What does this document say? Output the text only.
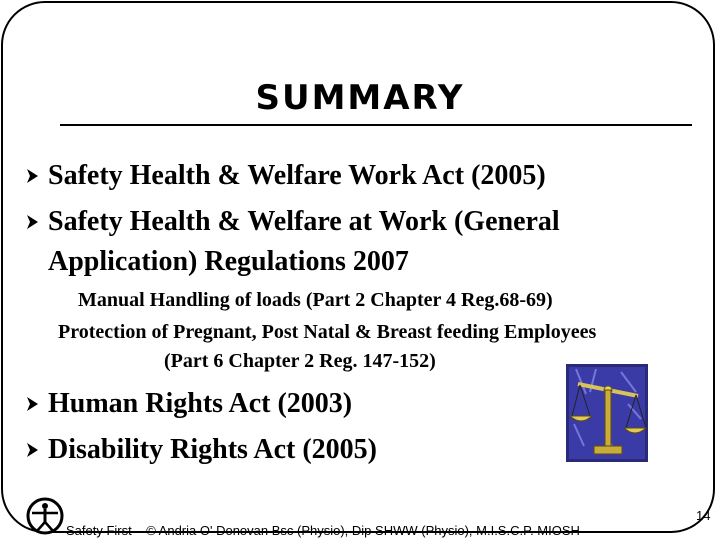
SUMMARY
Safety Health & Welfare Work Act (2005)
Safety Health & Welfare at Work (General
Application) Regulations 2007
Manual Handling of loads (Part 2 Chapter 4 Reg.68-69)
Protection of Pregnant, Post Natal & Breast feeding Employees
(Part 6 Chapter 2 Reg. 147-152)
Human Rights Act (2003)
Disability Rights Act (2005)
Safety First © Andria O' Donovan Bsc (Physio), Dip SHWW (Physio), M.I.S.C.P. MIOSH
14
